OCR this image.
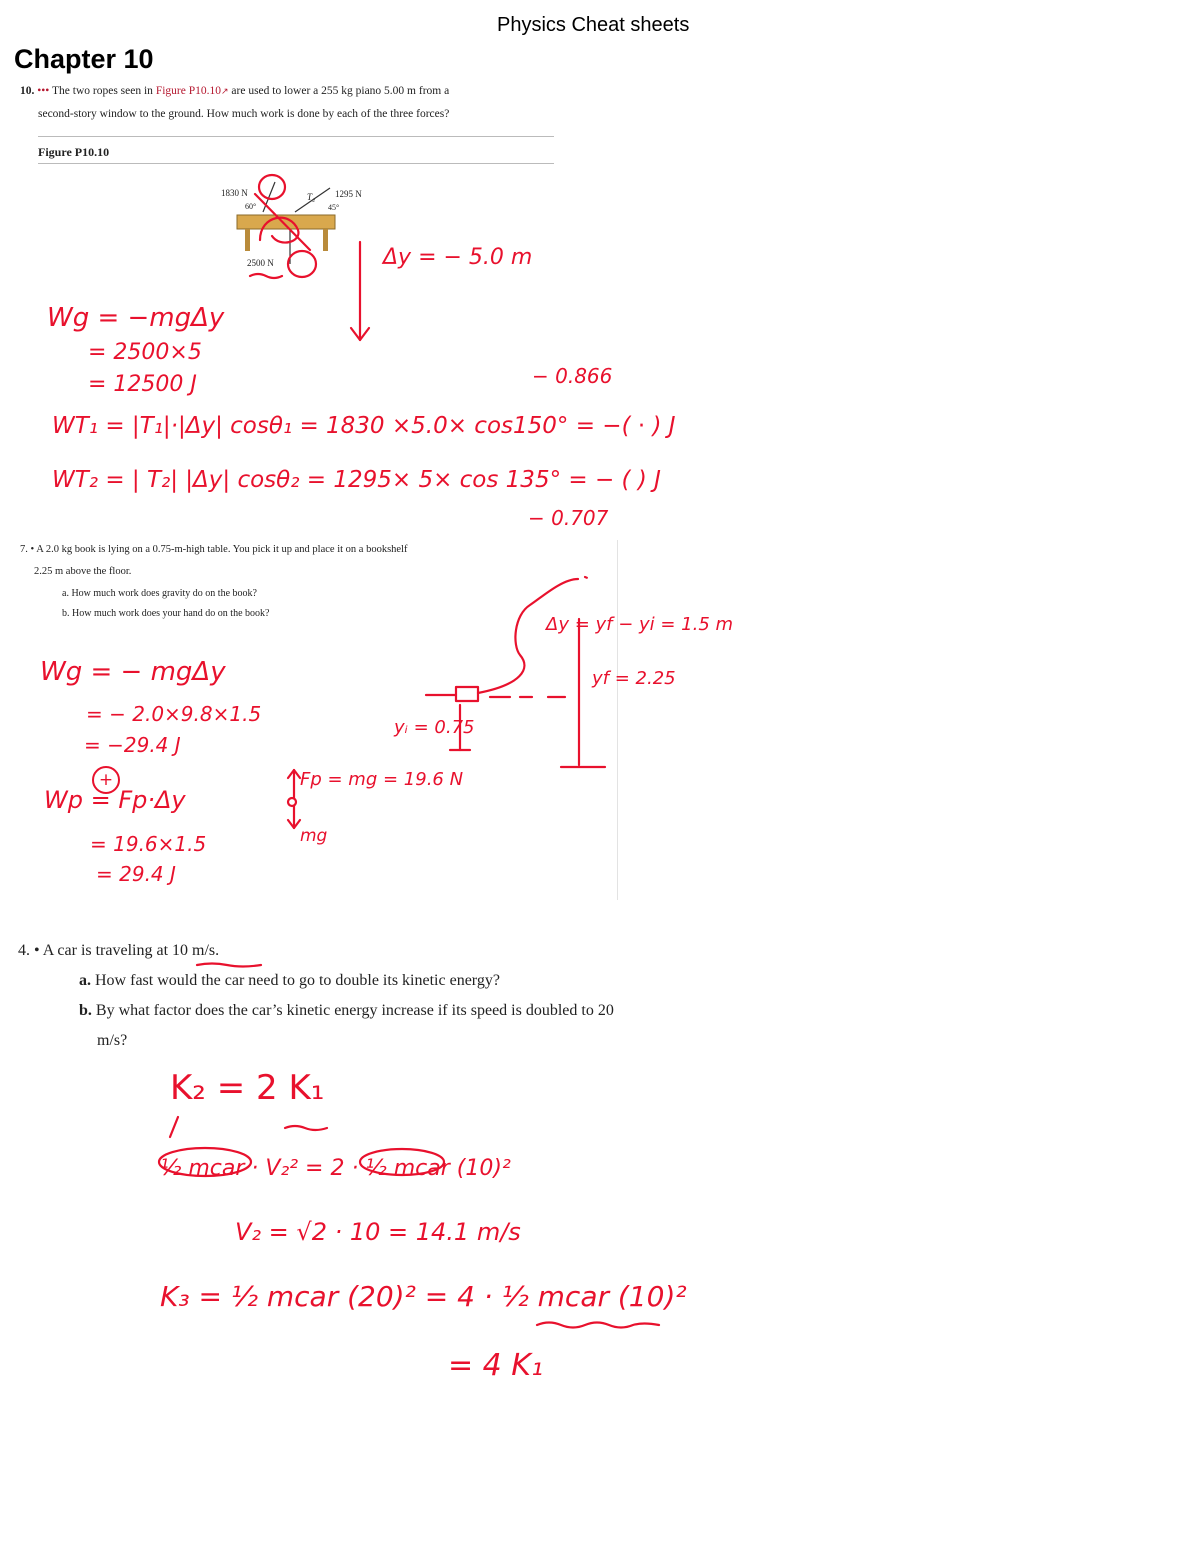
Physics Cheat sheets
Chapter 10
10. ••• The two ropes seen in Figure P10.10↗ are used to lower a 255 kg piano 5.00 m from a
second-story window to the ground. How much work is done by each of the three forces?
Figure P10.10
1830 N
60°
T₂ 1295 N
45°
2500 N	Δy = − 5.0 m
Wg = −mgΔy
= 2500×5
= 12500 J	− 0.866
WT₁ = |T₁|·|Δy| cosθ₁ = 1830 ×5.0× cos150° = −( ⋅ ) J
WT₂ = | T₂| |Δy| cosθ₂ = 1295× 5× cos 135° = − ( ) J
− 0.707
7. • A 2.0 kg book is lying on a 0.75-m-high table. You pick it up and place it on a bookshelf
2.25 m above the floor.
a. How much work does gravity do on the book?
b. How much work does your hand do on the book?
Wg = − mgΔy
= − 2.0×9.8×1.5
= −29.4 J
+
Wp = Fp·Δy
= 19.6×1.5
= 29.4 J
yᵢ = 0.75
Δy = yf − yi = 1.5 m
yf = 2.25
Fp = mg = 19.6 N
mg
4. • A car is traveling at 10 m/s.
a. How fast would the car need to go to double its kinetic energy?
b. By what factor does the car’s kinetic energy increase if its speed is doubled to 20
m/s?
K₂ = 2 K₁
½ mcar · V₂² = 2 · ½ mcar (10)²
V₂ = √2 · 10 = 14.1 m/s
K₃ = ½ mcar (20)² = 4 · ½ mcar (10)²
= 4 K₁
